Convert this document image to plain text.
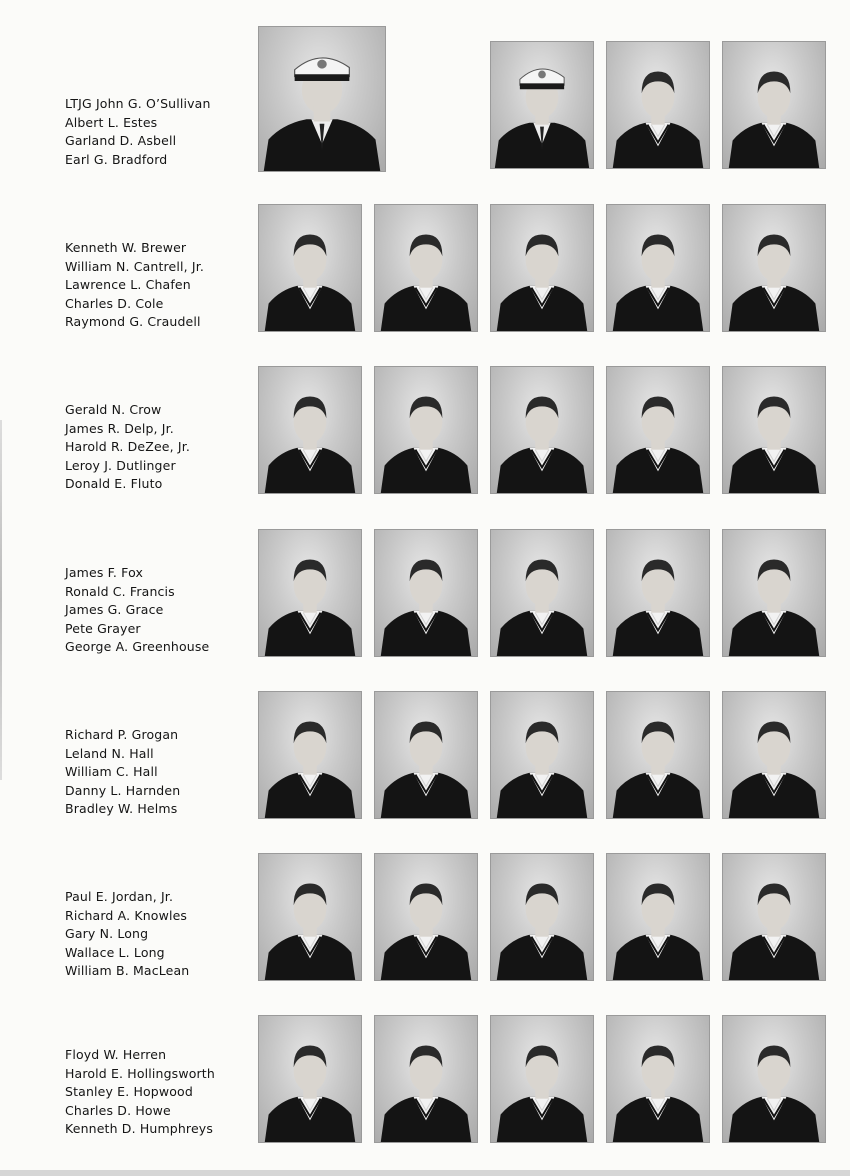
LTJG John G. O’Sullivan
Albert L. Estes
Garland D. Asbell
Earl G. Bradford
Kenneth W. Brewer
William N. Cantrell, Jr.
Lawrence L. Chafen
Charles D. Cole
Raymond G. Craudell
Gerald N. Crow
James R. Delp, Jr.
Harold R. DeZee, Jr.
Leroy J. Dutlinger
Donald E. Fluto
James F. Fox
Ronald C. Francis
James G. Grace
Pete Grayer
George A. Greenhouse
Richard P. Grogan
Leland N. Hall
William C. Hall
Danny L. Harnden
Bradley W. Helms
Paul E. Jordan, Jr.
Richard A. Knowles
Gary N. Long
Wallace L. Long
William B. MacLean
Floyd W. Herren
Harold E. Hollingsworth
Stanley E. Hopwood
Charles D. Howe
Kenneth D. Humphreys
